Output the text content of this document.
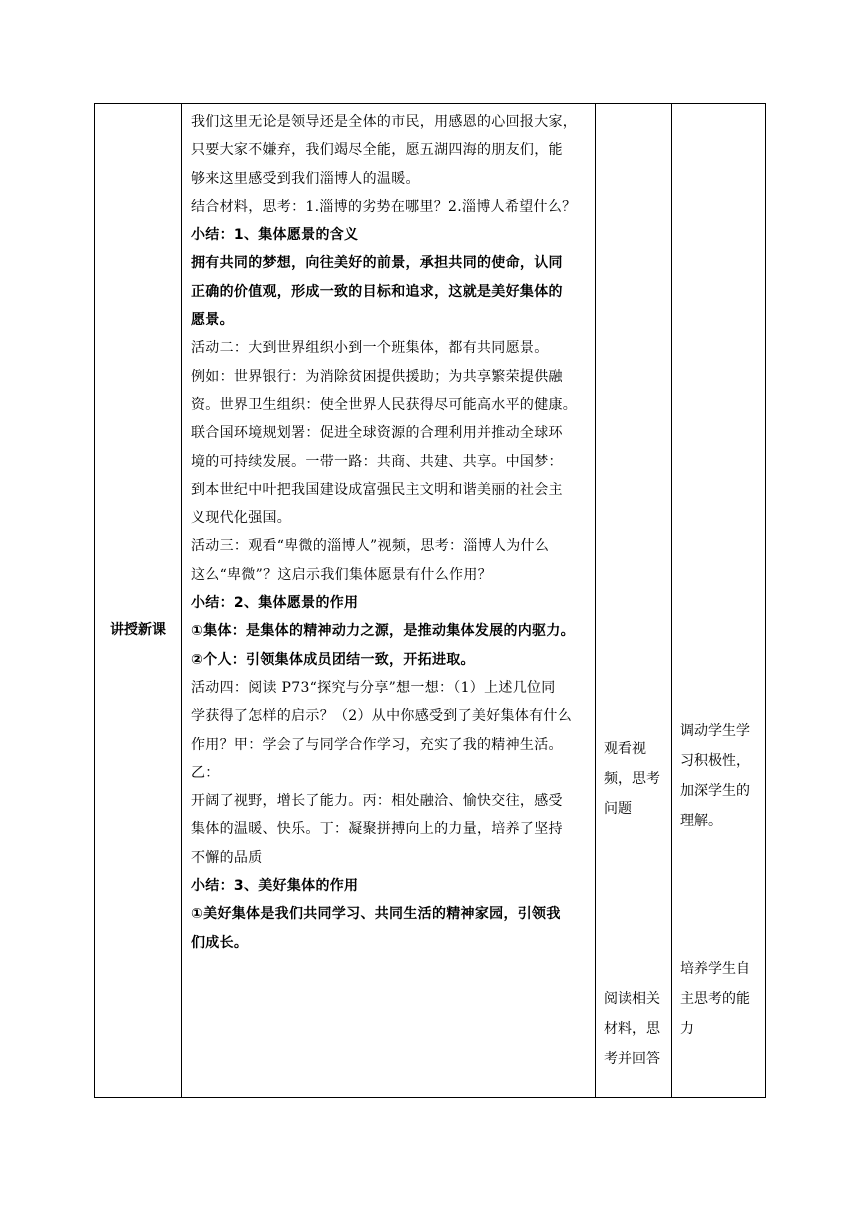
讲授新课

我们这里无论是领导还是全体的市民，用感恩的心回报大家，

只要大家不嫌弃，我们竭尽全能，愿五湖四海的朋友们，能

够来这里感受到我们淄博人的温暖。

结合材料，思考：1.淄博的劣势在哪里？2.淄博人希望什么？

小结：1、集体愿景的含义

拥有共同的梦想，向往美好的前景，承担共同的使命，认同

正确的价值观，形成一致的目标和追求，这就是美好集体的

愿景。

活动二：大到世界组织小到一个班集体，都有共同愿景。

例如：世界银行：为消除贫困提供援助；为共享繁荣提供融

资。世界卫生组织：使全世界人民获得尽可能高水平的健康。

联合国环境规划署：促进全球资源的合理利用并推动全球环

境的可持续发展。一带一路：共商、共建、共享。中国梦：

到本世纪中叶把我国建设成富强民主文明和谐美丽的社会主

义现代化强国。

活动三：观看“卑微的淄博人”视频，思考：淄博人为什么

这么“卑微”？这启示我们集体愿景有什么作用？

小结：2、集体愿景的作用

①集体：是集体的精神动力之源，是推动集体发展的内驱力。

②个人：引领集体成员团结一致，开拓进取。

活动四：阅读 P73“探究与分享”想一想：（1）上述几位同

学获得了怎样的启示？（2）从中你感受到了美好集体有什么

作用？甲：学会了与同学合作学习，充实了我的精神生活。乙：

开阔了视野，增长了能力。丙：相处融洽、愉快交往，感受

集体的温暖、快乐。丁：凝聚拼搏向上的力量，培养了坚持

不懈的品质

小结：3、美好集体的作用

①美好集体是我们共同学习、共同生活的精神家园，引领我

们成长。

观看视
频，思考
问题
阅读相关
材料，思
考并回答
调动学生学
习积极性，
加深学生的
理解。
培养学生自
主思考的能
力
